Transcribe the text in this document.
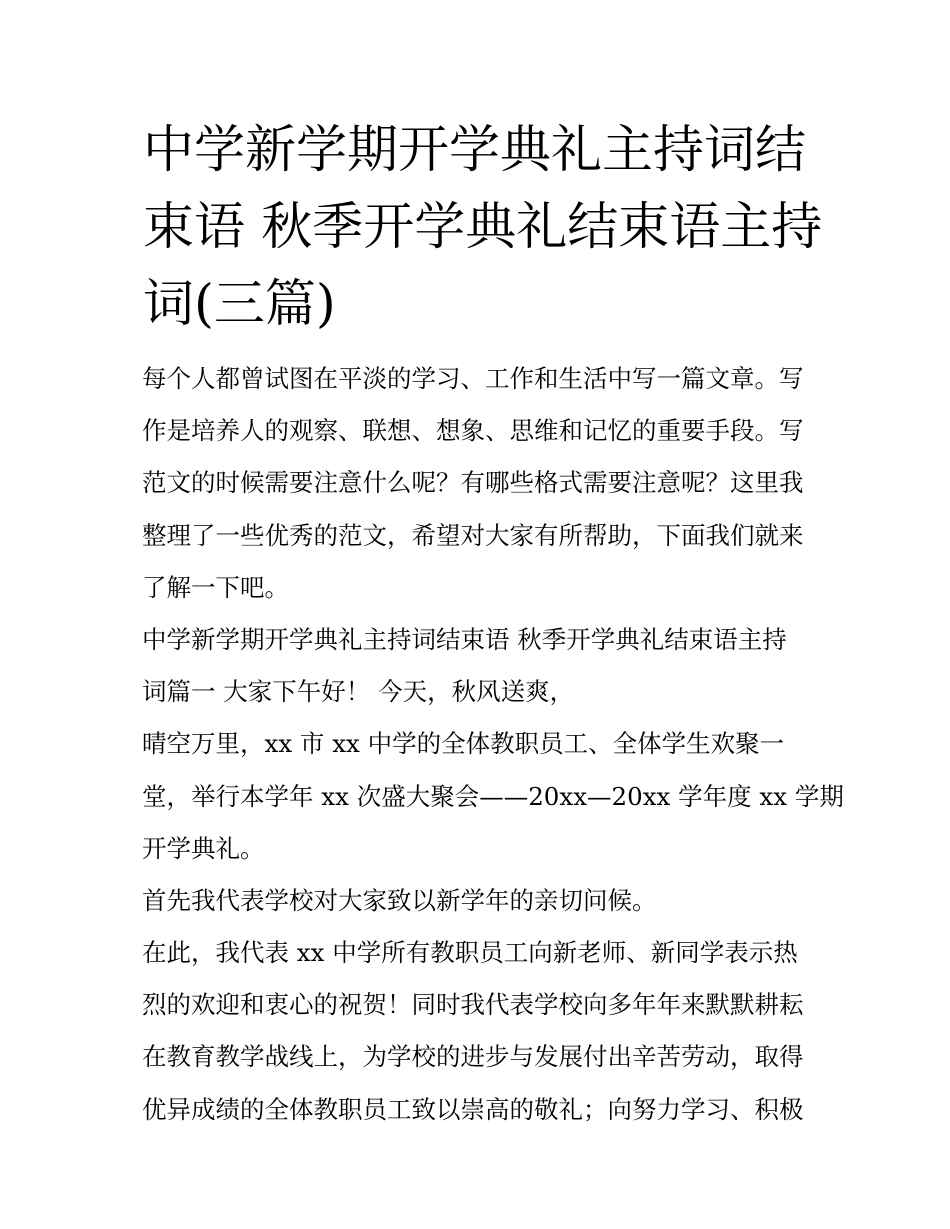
中学新学期开学典礼主持词结
束语 秋季开学典礼结束语主持
词(三篇)
每个人都曾试图在平淡的学习、工作和生活中写一篇文章。写
作是培养人的观察、联想、想象、思维和记忆的重要手段。写
范文的时候需要注意什么呢？有哪些格式需要注意呢？这里我
整理了一些优秀的范文，希望对大家有所帮助，下面我们就来
了解一下吧。
中学新学期开学典礼主持词结束语 秋季开学典礼结束语主持
词篇一 大家下午好！ 今天，秋风送爽，
晴空万里，xx 市 xx 中学的全体教职员工、全体学生欢聚一
堂，举行本学年 xx 次盛大聚会——20xx—20xx 学年度 xx 学期
开学典礼。
首先我代表学校对大家致以新学年的亲切问候。
在此，我代表 xx 中学所有教职员工向新老师、新同学表示热
烈的欢迎和衷心的祝贺！同时我代表学校向多年年来默默耕耘
在教育教学战线上，为学校的进步与发展付出辛苦劳动，取得
优异成绩的全体教职员工致以崇高的敬礼；向努力学习、积极
